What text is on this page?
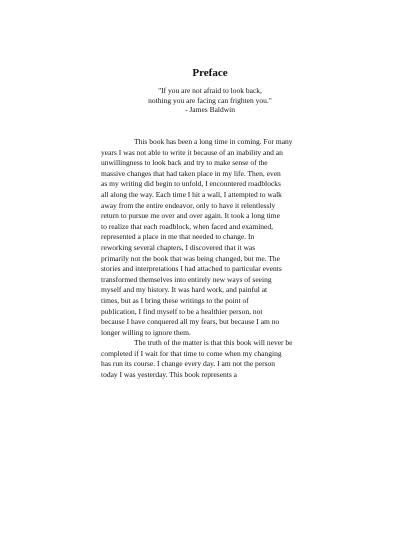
Preface
"If you are not afraid to look back,
nothing you are facing can frighten you."
- James Baldwin
This book has been a long time in coming. For many
years I was not able to write it because of an inability and an
unwillingness to look back and try to make sense of the
massive changes that had taken place in my life. Then, even
as my writing did begin to unfold, I encountered roadblocks
all along the way. Each time I hit a wall, I attempted to walk
away from the entire endeavor, only to have it relentlessly
return to pursue me over and over again. It took a long time
to realize that each roadblock, when faced and examined,
represented a place in me that needed to change. In
reworking several chapters, I discovered that it was
primarily not the book that was being changed, but me. The
stories and interpretations I had attached to particular events
transformed themselves into entirely new ways of seeing
myself and my history. It was hard work, and painful at
times, but as I bring these writings to the point of
publication, I find myself to be a healthier person, not
because I have conquered all my fears, but because I am no
longer willing to ignore them.
The truth of the matter is that this book will never be
completed if I wait for that time to come when my changing
has run its course. I change every day. I am not the person
today I was yesterday. This book represents a
